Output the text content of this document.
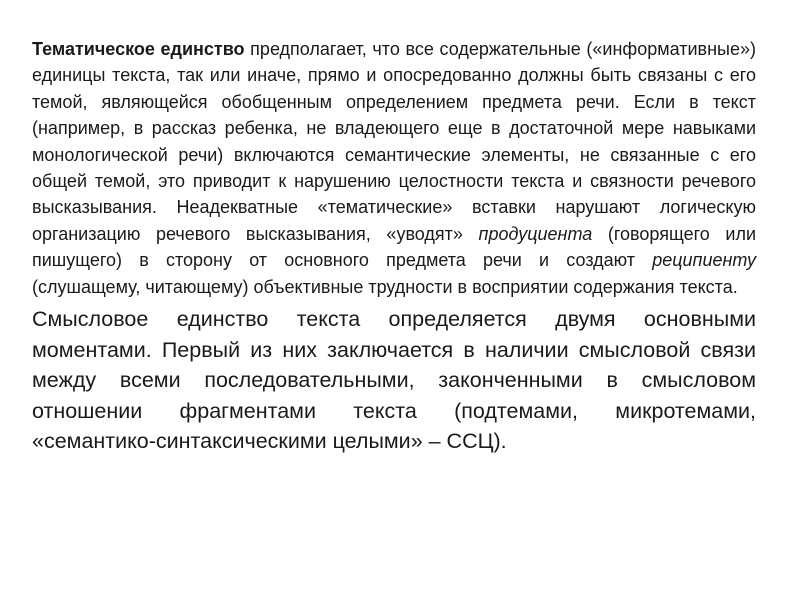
Тематическое единство предполагает, что все содержательные («информативные») единицы текста, так или иначе, прямо и опосредованно должны быть связаны с его темой, являющейся обобщенным определением предмета речи. Если в текст (например, в рассказ ребенка, не владеющего еще в достаточной мере навыками монологической речи) включаются семантические элементы, не связанные с его общей темой, это приводит к нарушению целостности текста и связности речевого высказывания. Неадекватные «тематические» вставки нарушают логическую организацию речевого высказывания, «уводят» продуциента (говорящего или пишущего) в сторону от основного предмета речи и создают реципиенту (слушащему, читающему) объективные трудности в восприятии содержания текста.

Смысловое единство текста определяется двумя основными моментами. Первый из них заключается в наличии смысловой связи между всеми последовательными, законченными в смысловом отношении фрагментами текста (подтемами, микротемами, «семантико-синтаксическими целыми» – ССЦ).
